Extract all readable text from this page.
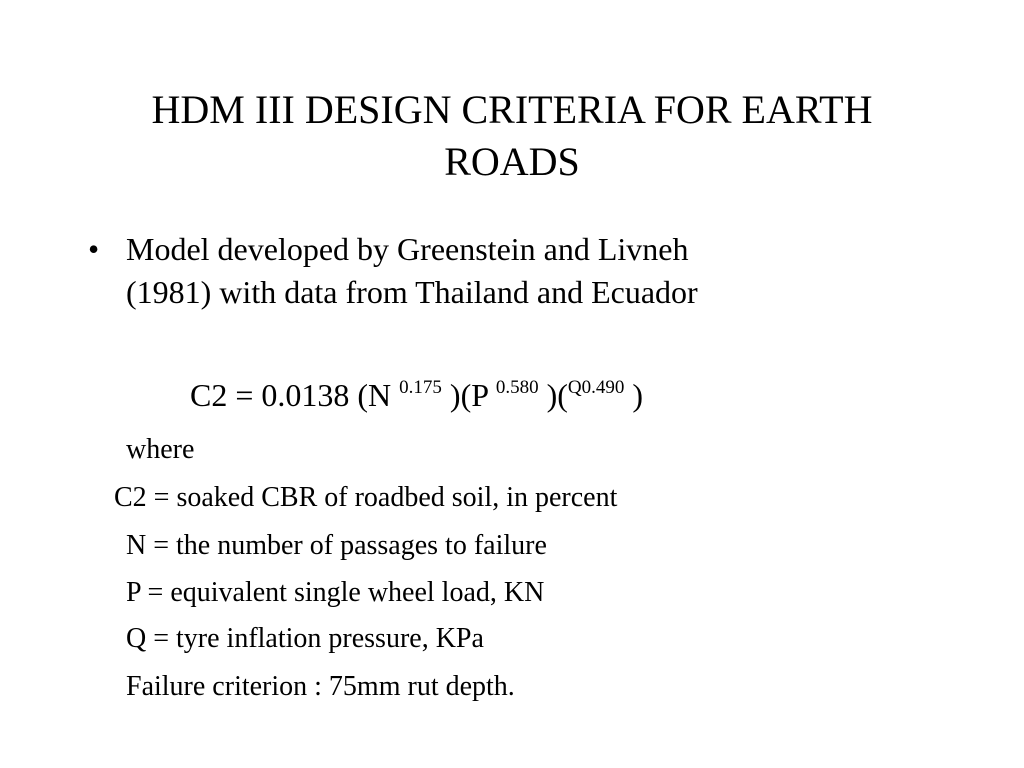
HDM III DESIGN CRITERIA FOR EARTH
ROADS
• Model developed by Greenstein and Livneh
(1981) with data from Thailand and Ecuador
C2 = 0.0138 (N $^{0.175}$ )(P $^{0.580}$ )($^{Q0.490}$ )
where
C2 = soaked CBR of roadbed soil, in percent
N = the number of passages to failure
P = equivalent single wheel load, KN
Q = tyre inflation pressure, KPa
Failure criterion : 75mm rut depth.
